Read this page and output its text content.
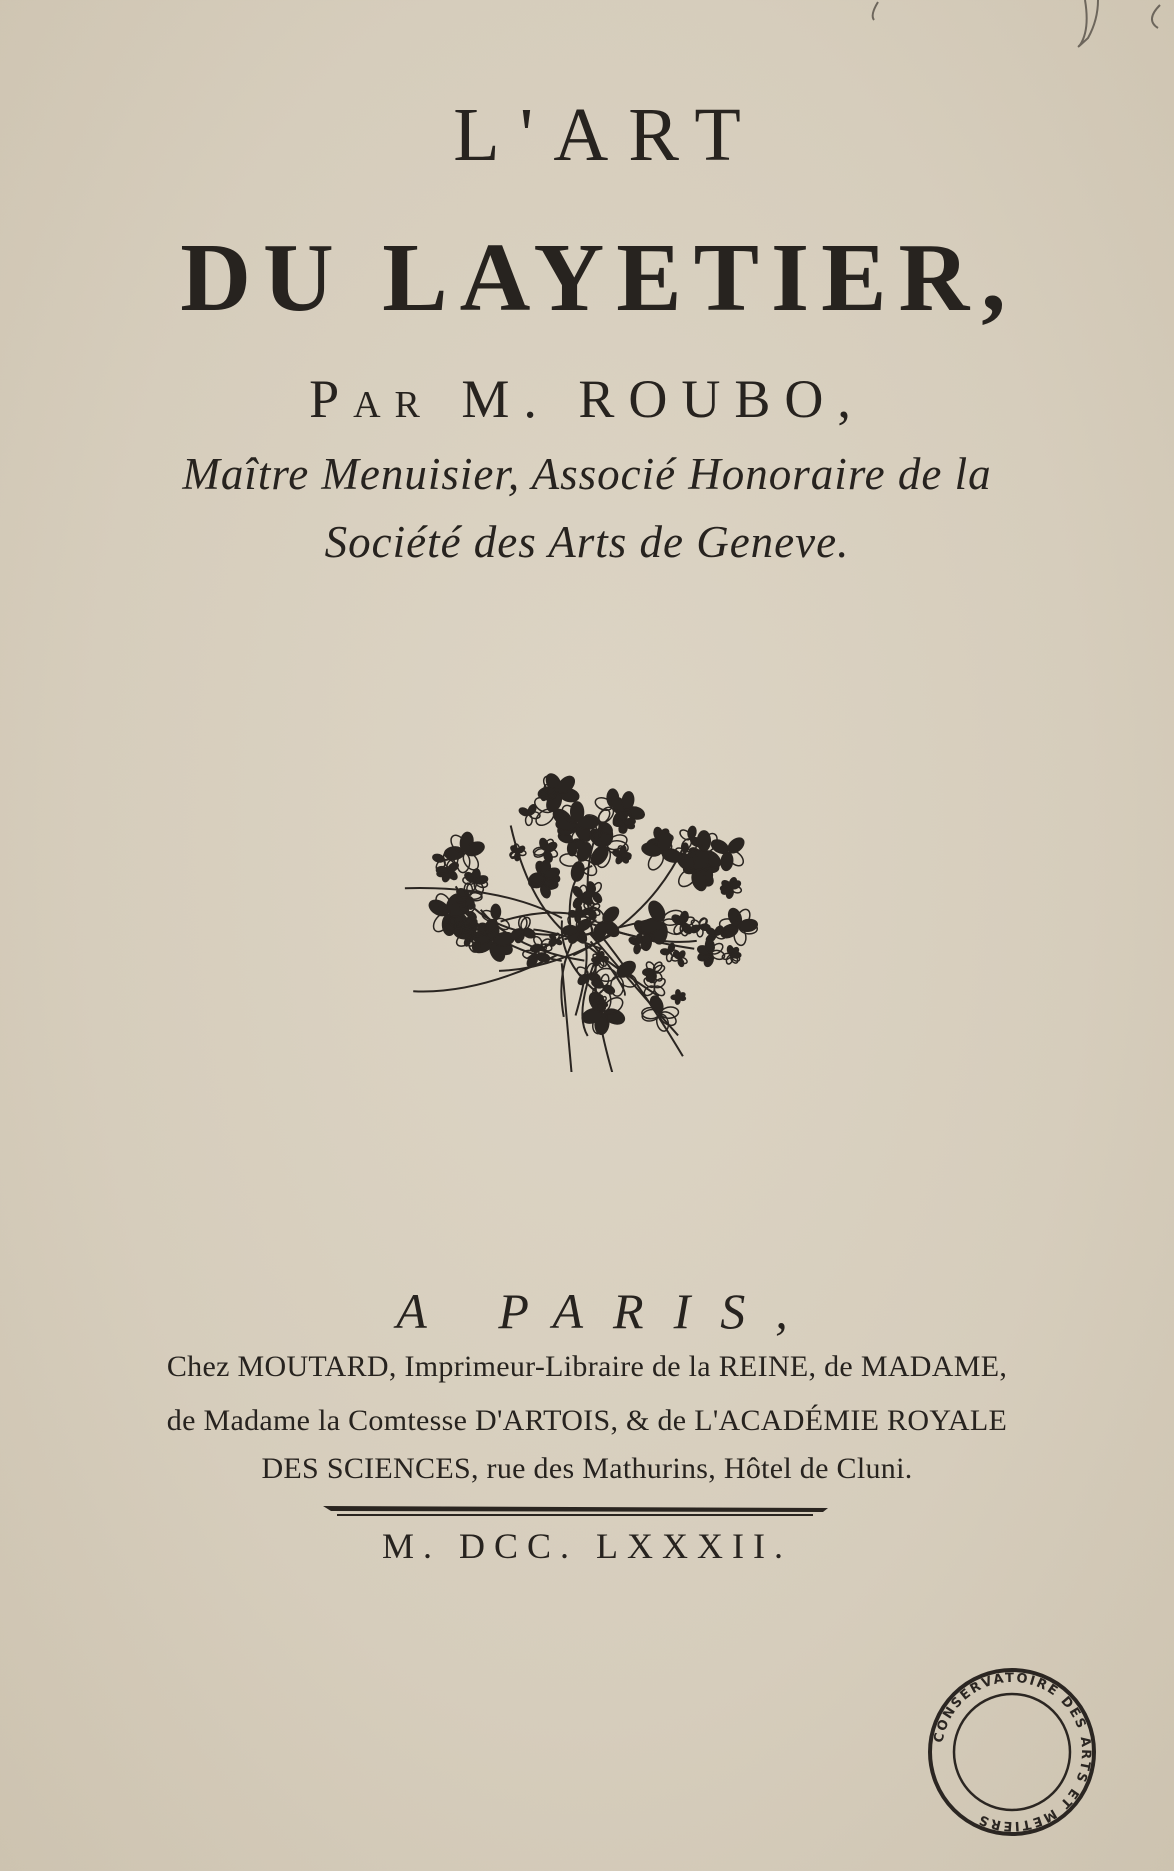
L'ART
DU LAYETIER,
Par M. ROUBO,
Maître Menuisier, Associé Honoraire de la
Société des Arts de Geneve.
A PARIS,
Chez MOUTARD, Imprimeur-Libraire de la REINE, de MADAME,
de Madame la Comtesse D'ARTOIS, & de L'ACADÉMIE ROYALE
DES SCIENCES, rue des Mathurins, Hôtel de Cluni.
M. DCC. LXXXII.
CONSERVATOIRE DES ARTS ET MÉTIERS
